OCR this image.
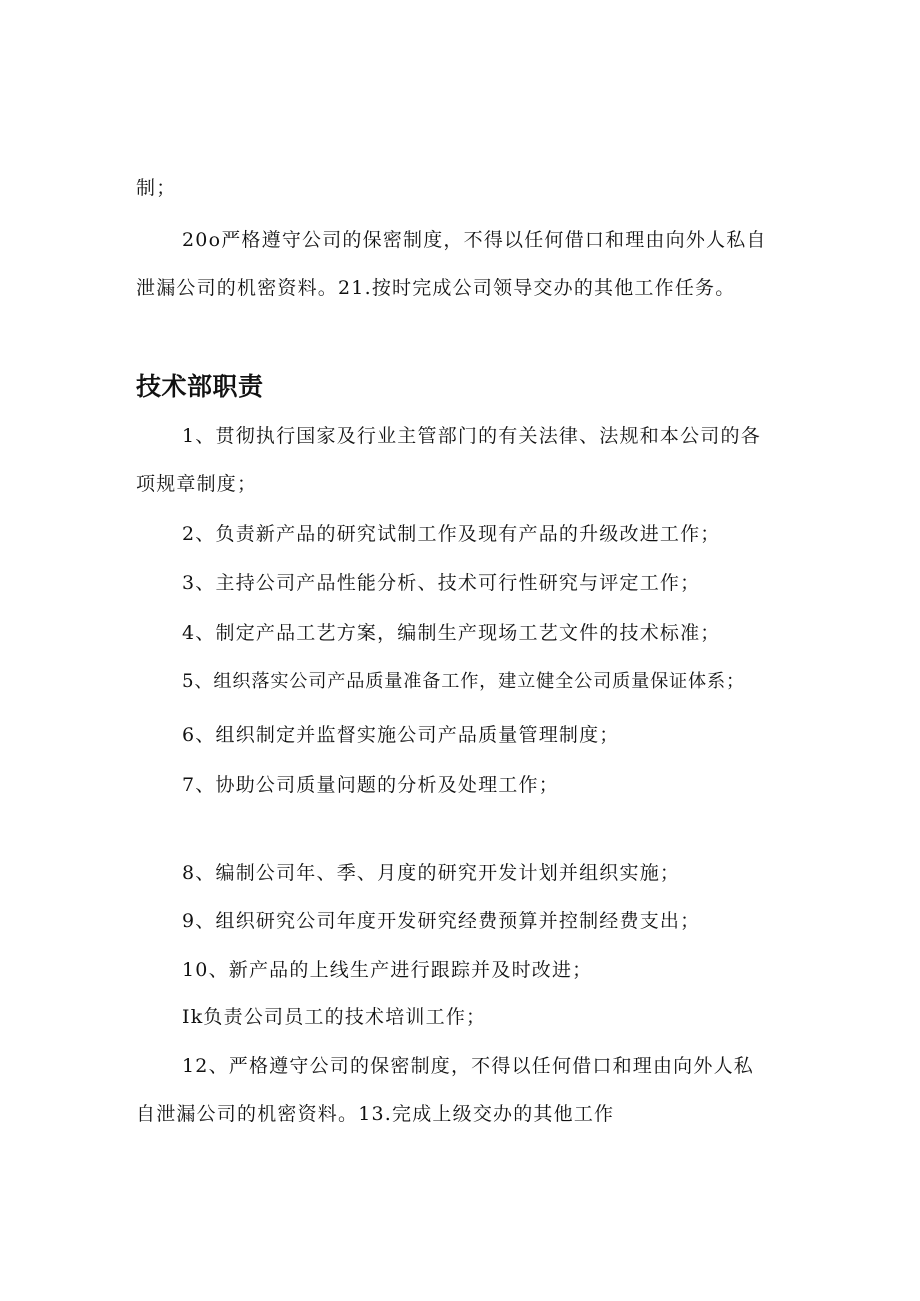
制；
20o严格遵守公司的保密制度，不得以任何借口和理由向外人私自
泄漏公司的机密资料。21.按时完成公司领导交办的其他工作任务。
技术部职责
1、贯彻执行国家及行业主管部门的有关法律、法规和本公司的各
项规章制度；
2、负责新产品的研究试制工作及现有产品的升级改进工作；
3、主持公司产品性能分析、技术可行性研究与评定工作；
4、制定产品工艺方案，编制生产现场工艺文件的技术标准；
5、组织落实公司产品质量准备工作，建立健全公司质量保证体系；
6、组织制定并监督实施公司产品质量管理制度；
7、协助公司质量问题的分析及处理工作；
8、编制公司年、季、月度的研究开发计划并组织实施；
9、组织研究公司年度开发研究经费预算并控制经费支出；
10、新产品的上线生产进行跟踪并及时改进；
Ik负责公司员工的技术培训工作；
12、严格遵守公司的保密制度，不得以任何借口和理由向外人私
自泄漏公司的机密资料。13.完成上级交办的其他工作
